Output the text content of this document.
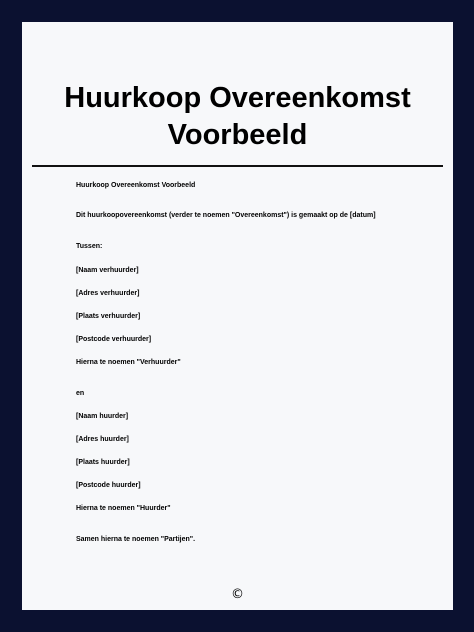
Huurkoop Overeenkomst
Voorbeeld
Huurkoop Overeenkomst Voorbeeld
Dit huurkoopovereenkomst (verder te noemen "Overeenkomst") is gemaakt op de [datum]
Tussen:
[Naam verhuurder]
[Adres verhuurder]
[Plaats verhuurder]
[Postcode verhuurder]
Hierna te noemen "Verhuurder"
en
[Naam huurder]
[Adres huurder]
[Plaats huurder]
[Postcode huurder]
Hierna te noemen "Huurder"
Samen hierna te noemen "Partijen".
©
